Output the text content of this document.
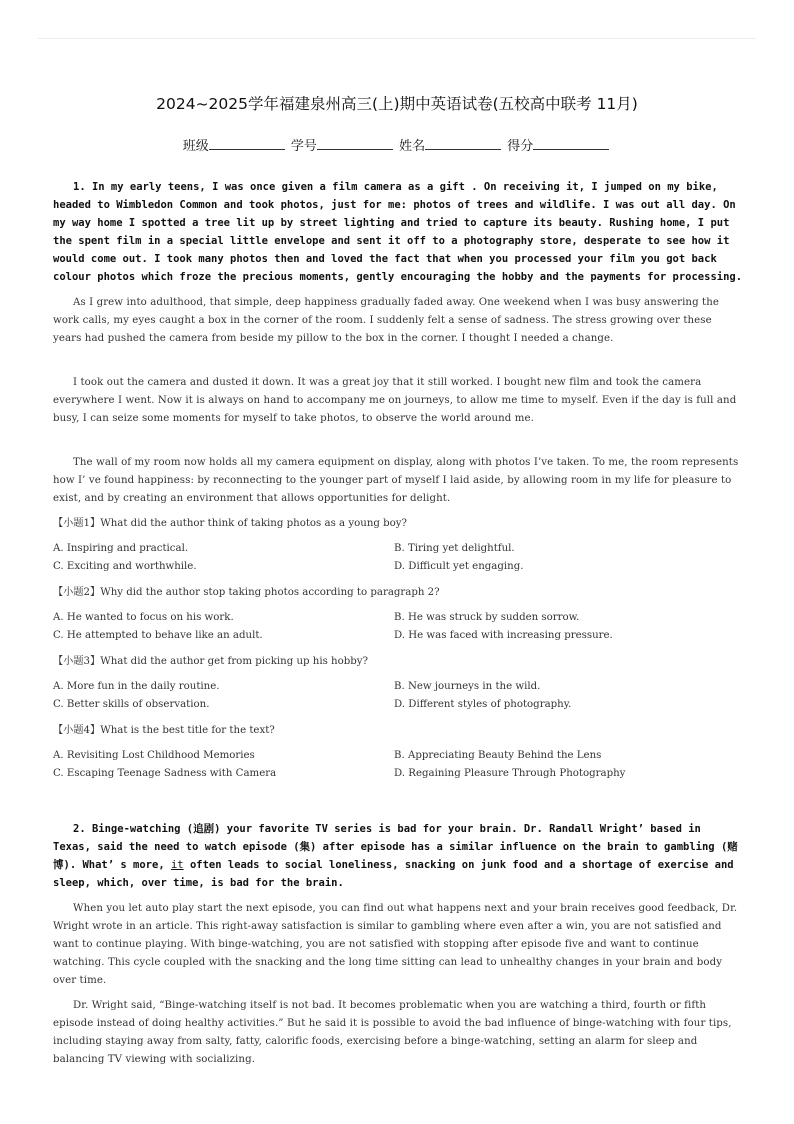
2024~2025学年福建泉州高三(上)期中英语试卷(五校高中联考 11月)
班级	学号	姓名	得分

1. In my early teens, I was once given a film camera as a gift . On receiving it, I jumped on my bike, headed to Wimbledon Common and took photos, just for me: photos of trees and wildlife. I was out all day. On my way home I spotted a tree lit up by street lighting and tried to capture its beauty. Rushing home, I put the spent film in a special little envelope and sent it off to a photography store, desperate to see how it would come out. I took many photos then and loved the fact that when you processed your film you got back colour photos which froze the precious moments, gently encouraging the hobby and the payments for processing.

As I grew into adulthood, that simple, deep happiness gradually faded away. One weekend when I was busy answering the work calls, my eyes caught a box in the corner of the room. I suddenly felt a sense of sadness. The stress growing over these years had pushed the camera from beside my pillow to the box in the corner. I thought I needed a change.

I took out the camera and dusted it down. It was a great joy that it still worked. I bought new film and took the camera everywhere I went. Now it is always on hand to accompany me on journeys, to allow me time to myself. Even if the day is full and busy, I can seize some moments for myself to take photos, to observe the world around me.

The wall of my room now holds all my camera equipment on display, along with photos I’ve taken. To me, the room represents how I’ ve found happiness: by reconnecting to the younger part of myself I laid aside, by allowing room in my life for pleasure to exist, and by creating an environment that allows opportunities for delight.

【小题1】What did the author think of taking photos as a young boy?

A. Inspiring and practical.	B. Tiring yet delightful.
C. Exciting and worthwhile.	D. Difficult yet engaging.

【小题2】Why did the author stop taking photos according to paragraph 2?

A. He wanted to focus on his work.	B. He was struck by sudden sorrow.
C. He attempted to behave like an adult.	D. He was faced with increasing pressure.

【小题3】What did the author get from picking up his hobby?

A. More fun in the daily routine.	B. New journeys in the wild.
C. Better skills of observation.	D. Different styles of photography.

【小题4】What is the best title for the text?

A. Revisiting Lost Childhood Memories	B. Appreciating Beauty Behind the Lens
C. Escaping Teenage Sadness with Camera	D. Regaining Pleasure Through Photography

2. Binge-watching (追剧) your favorite TV series is bad for your brain. Dr. Randall Wright’ based in Texas, said the need to watch episode (集) after episode has a similar influence on the brain to gambling (赌博). What’ s more, it often leads to social loneliness, snacking on junk food and a shortage of exercise and sleep, which, over time, is bad for the brain.

When you let auto play start the next episode, you can find out what happens next and your brain receives good feedback, Dr. Wright wrote in an article. This right-away satisfaction is similar to gambling where even after a win, you are not satisfied and want to continue playing. With binge-watching, you are not satisfied with stopping after episode five and want to continue watching. This cycle coupled with the snacking and the long time sitting can lead to unhealthy changes in your brain and body over time.

Dr. Wright said, “Binge-watching itself is not bad. It becomes problematic when you are watching a third, fourth or fifth episode instead of doing healthy activities.” But he said it is possible to avoid the bad influence of binge-watching with four tips, including staying away from salty, fatty, calorific foods, exercising before a binge-watching, setting an alarm for sleep and balancing TV viewing with socializing.
